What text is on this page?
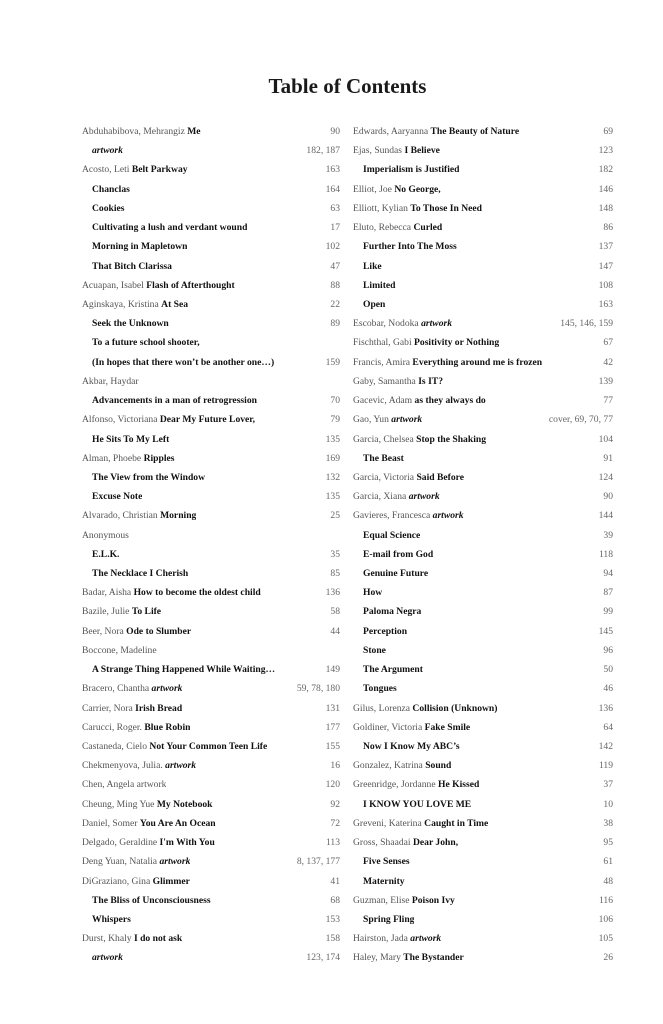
Table of Contents
Abduhabibova, Mehrangiz Me	90
artwork	182, 187
Acosto, Leti Belt Parkway	163
Chanclas	164
Cookies	63
Cultivating a lush and verdant wound	17
Morning in Mapletown	102
That Bitch Clarissa	47
Acuapan, Isabel Flash of Afterthought	88
Aginskaya, Kristina At Sea	22
Seek the Unknown	89
To a future school shooter,
(In hopes that there won’t be another one…)	159
Akbar, Haydar
Advancements in a man of retrogression	70
Alfonso, Victoriana Dear My Future Lover,	79
He Sits To My Left	135
Alman, Phoebe Ripples	169
The View from the Window	132
Excuse Note	135
Alvarado, Christian Morning	25
Anonymous
E.L.K.	35
The Necklace I Cherish	85
Badar, Aisha How to become the oldest child	136
Bazile, Julie To Life	58
Beer, Nora Ode to Slumber	44
Boccone, Madeline
A Strange Thing Happened While Waiting…	149
Bracero, Chantha artwork	59, 78, 180
Carrier, Nora Irish Bread	131
Carucci, Roger. Blue Robin	177
Castaneda, Cielo Not Your Common Teen Life	155
Chekmenyova, Julia. artwork	16
Chen, Angela artwork	120
Cheung, Ming Yue My Notebook	92
Daniel, Somer You Are An Ocean	72
Delgado, Geraldine I'm With You	113
Deng Yuan, Natalia artwork	8, 137, 177
DiGraziano, Gina Glimmer	41
The Bliss of Unconsciousness	68
Whispers	153
Durst, Khaly I do not ask	158
artwork	123, 174
Edwards, Aaryanna The Beauty of Nature	69
Ejas, Sundas I Believe	123
Imperialism is Justified	182
Elliot, Joe No George,	146
Elliott, Kylian To Those In Need	148
Eluto, Rebecca Curled	86
Further Into The Moss	137
Like	147
Limited	108
Open	163
Escobar, Nodoka artwork	145, 146, 159
Fischthal, Gabi Positivity or Nothing	67
Francis, Amira Everything around me is frozen	42
Gaby, Samantha Is IT?	139
Gacevic, Adam as they always do	77
Gao, Yun artwork	cover, 69, 70, 77
Garcia, Chelsea Stop the Shaking	104
The Beast	91
Garcia, Victoria Said Before	124
Garcia, Xiana artwork	90
Gavieres, Francesca artwork	144
Equal Science	39
E-mail from God	118
Genuine Future	94
How	87
Paloma Negra	99
Perception	145
Stone	96
The Argument	50
Tongues	46
Gilus, Lorenza Collision (Unknown)	136
Goldiner, Victoria Fake Smile	64
Now I Know My ABC’s	142
Gonzalez, Katrina Sound	119
Greenridge, Jordanne He Kissed	37
I KNOW YOU LOVE ME	10
Greveni, Katerina Caught in Time	38
Gross, Shaadai Dear John,	95
Five Senses	61
Maternity	48
Guzman, Elise Poison Ivy	116
Spring Fling	106
Hairston, Jada artwork	105
Haley, Mary The Bystander	26
